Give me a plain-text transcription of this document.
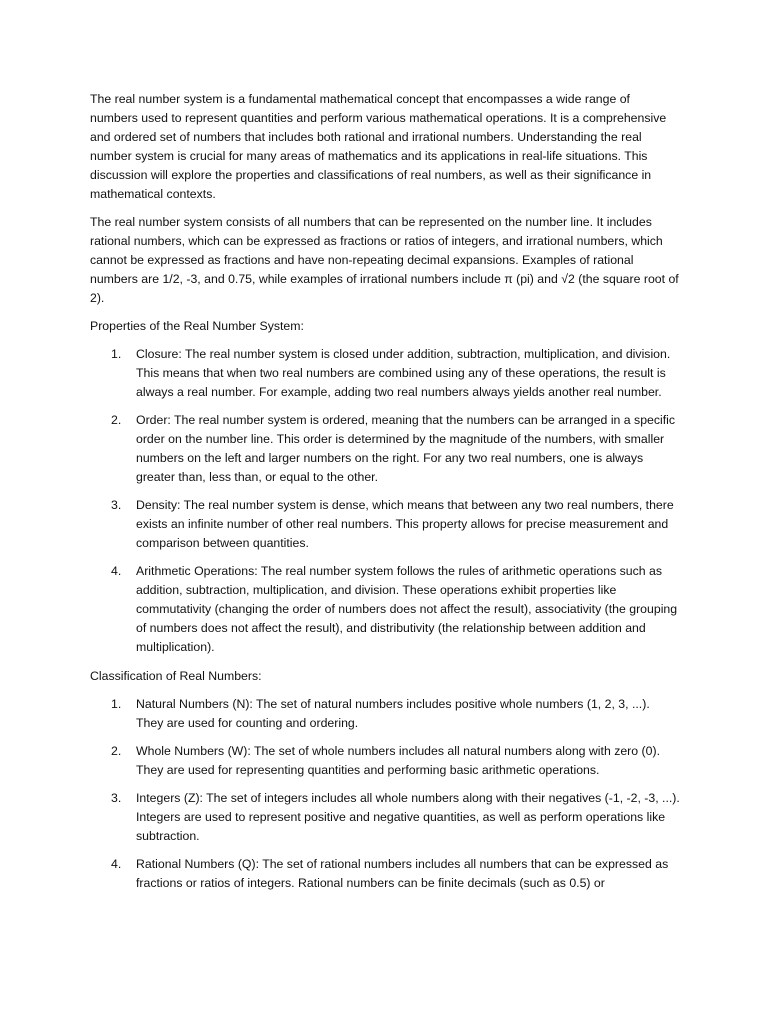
The real number system is a fundamental mathematical concept that encompasses a wide range of numbers used to represent quantities and perform various mathematical operations. It is a comprehensive and ordered set of numbers that includes both rational and irrational numbers. Understanding the real number system is crucial for many areas of mathematics and its applications in real-life situations. This discussion will explore the properties and classifications of real numbers, as well as their significance in mathematical contexts.

The real number system consists of all numbers that can be represented on the number line. It includes rational numbers, which can be expressed as fractions or ratios of integers, and irrational numbers, which cannot be expressed as fractions and have non-repeating decimal expansions. Examples of rational numbers are 1/2, -3, and 0.75, while examples of irrational numbers include π (pi) and √2 (the square root of 2).

Properties of the Real Number System:

1. Closure: The real number system is closed under addition, subtraction, multiplication, and division. This means that when two real numbers are combined using any of these operations, the result is always a real number. For example, adding two real numbers always yields another real number.
2. Order: The real number system is ordered, meaning that the numbers can be arranged in a specific order on the number line. This order is determined by the magnitude of the numbers, with smaller numbers on the left and larger numbers on the right. For any two real numbers, one is always greater than, less than, or equal to the other.
3. Density: The real number system is dense, which means that between any two real numbers, there exists an infinite number of other real numbers. This property allows for precise measurement and comparison between quantities.
4. Arithmetic Operations: The real number system follows the rules of arithmetic operations such as addition, subtraction, multiplication, and division. These operations exhibit properties like commutativity (changing the order of numbers does not affect the result), associativity (the grouping of numbers does not affect the result), and distributivity (the relationship between addition and multiplication).

Classification of Real Numbers:

1. Natural Numbers (N): The set of natural numbers includes positive whole numbers (1, 2, 3, ...). They are used for counting and ordering.
2. Whole Numbers (W): The set of whole numbers includes all natural numbers along with zero (0). They are used for representing quantities and performing basic arithmetic operations.
3. Integers (Z): The set of integers includes all whole numbers along with their negatives (-1, -2, -3, ...). Integers are used to represent positive and negative quantities, as well as perform operations like subtraction.
4. Rational Numbers (Q): The set of rational numbers includes all numbers that can be expressed as fractions or ratios of integers. Rational numbers can be finite decimals (such as 0.5) or
